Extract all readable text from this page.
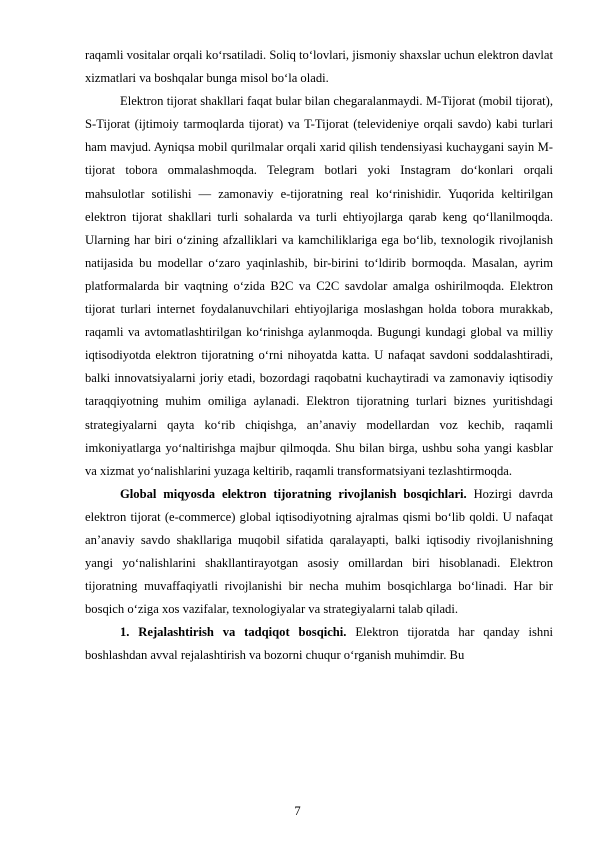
raqamli vositalar orqali ko‘rsatiladi. Soliq to‘lovlari, jismoniy shaxslar uchun elektron davlat xizmatlari va boshqalar bunga misol bo‘la oladi.

Elektron tijorat shakllari faqat bular bilan chegaralanmaydi. M-Tijorat (mobil tijorat), S-Tijorat (ijtimoiy tarmoqlarda tijorat) va T-Tijorat (televideniye orqali savdo) kabi turlari ham mavjud. Ayniqsa mobil qurilmalar orqali xarid qilish tendensiyasi kuchaygani sayin M-tijorat tobora ommalashmoqda. Telegram botlari yoki Instagram do‘konlari orqali mahsulotlar sotilishi — zamonaviy e-tijoratning real ko‘rinishidir. Yuqorida keltirilgan elektron tijorat shakllari turli sohalarda va turli ehtiyojlarga qarab keng qo‘llanilmoqda. Ularning har biri o‘zining afzalliklari va kamchiliklariga ega bo‘lib, texnologik rivojlanish natijasida bu modellar o‘zaro yaqinlashib, bir-birini to‘ldirib bormoqda. Masalan, ayrim platformalarda bir vaqtning o‘zida B2C va C2C savdolar amalga oshirilmoqda. Elektron tijorat turlari internet foydalanuvchilari ehtiyojlariga moslashgan holda tobora murakkab, raqamli va avtomatlashtirilgan ko‘rinishga aylanmoqda. Bugungi kundagi global va milliy iqtisodiyotda elektron tijoratning o‘rni nihoyatda katta. U nafaqat savdoni soddalashtiradi, balki innovatsiyalarni joriy etadi, bozordagi raqobatni kuchaytiradi va zamonaviy iqtisodiy taraqqiyotning muhim omiliga aylanadi. Elektron tijoratning turlari biznes yuritishdagi strategiyalarni qayta ko‘rib chiqishga, an’anaviy modellardan voz kechib, raqamli imkoniyatlarga yo‘naltirishga majbur qilmoqda. Shu bilan birga, ushbu soha yangi kasblar va xizmat yo‘nalishlarini yuzaga keltirib, raqamli transformatsiyani tezlashtirmoqda.

Global miqyosda elektron tijoratning rivojlanish bosqichlari. Hozirgi davrda elektron tijorat (e-commerce) global iqtisodiyotning ajralmas qismi bo‘lib qoldi. U nafaqat an’anaviy savdo shakllariga muqobil sifatida qaralayapti, balki iqtisodiy rivojlanishning yangi yo‘nalishlarini shakllantirayotgan asosiy omillardan biri hisoblanadi. Elektron tijoratning muvaffaqiyatli rivojlanishi bir necha muhim bosqichlarga bo‘linadi. Har bir bosqich o‘ziga xos vazifalar, texnologiyalar va strategiyalarni talab qiladi.

1. Rejalashtirish va tadqiqot bosqichi. Elektron tijoratda har qanday ishni boshlashdan avval rejalashtirish va bozorni chuqur o‘rganish muhimdir. Bu

7
